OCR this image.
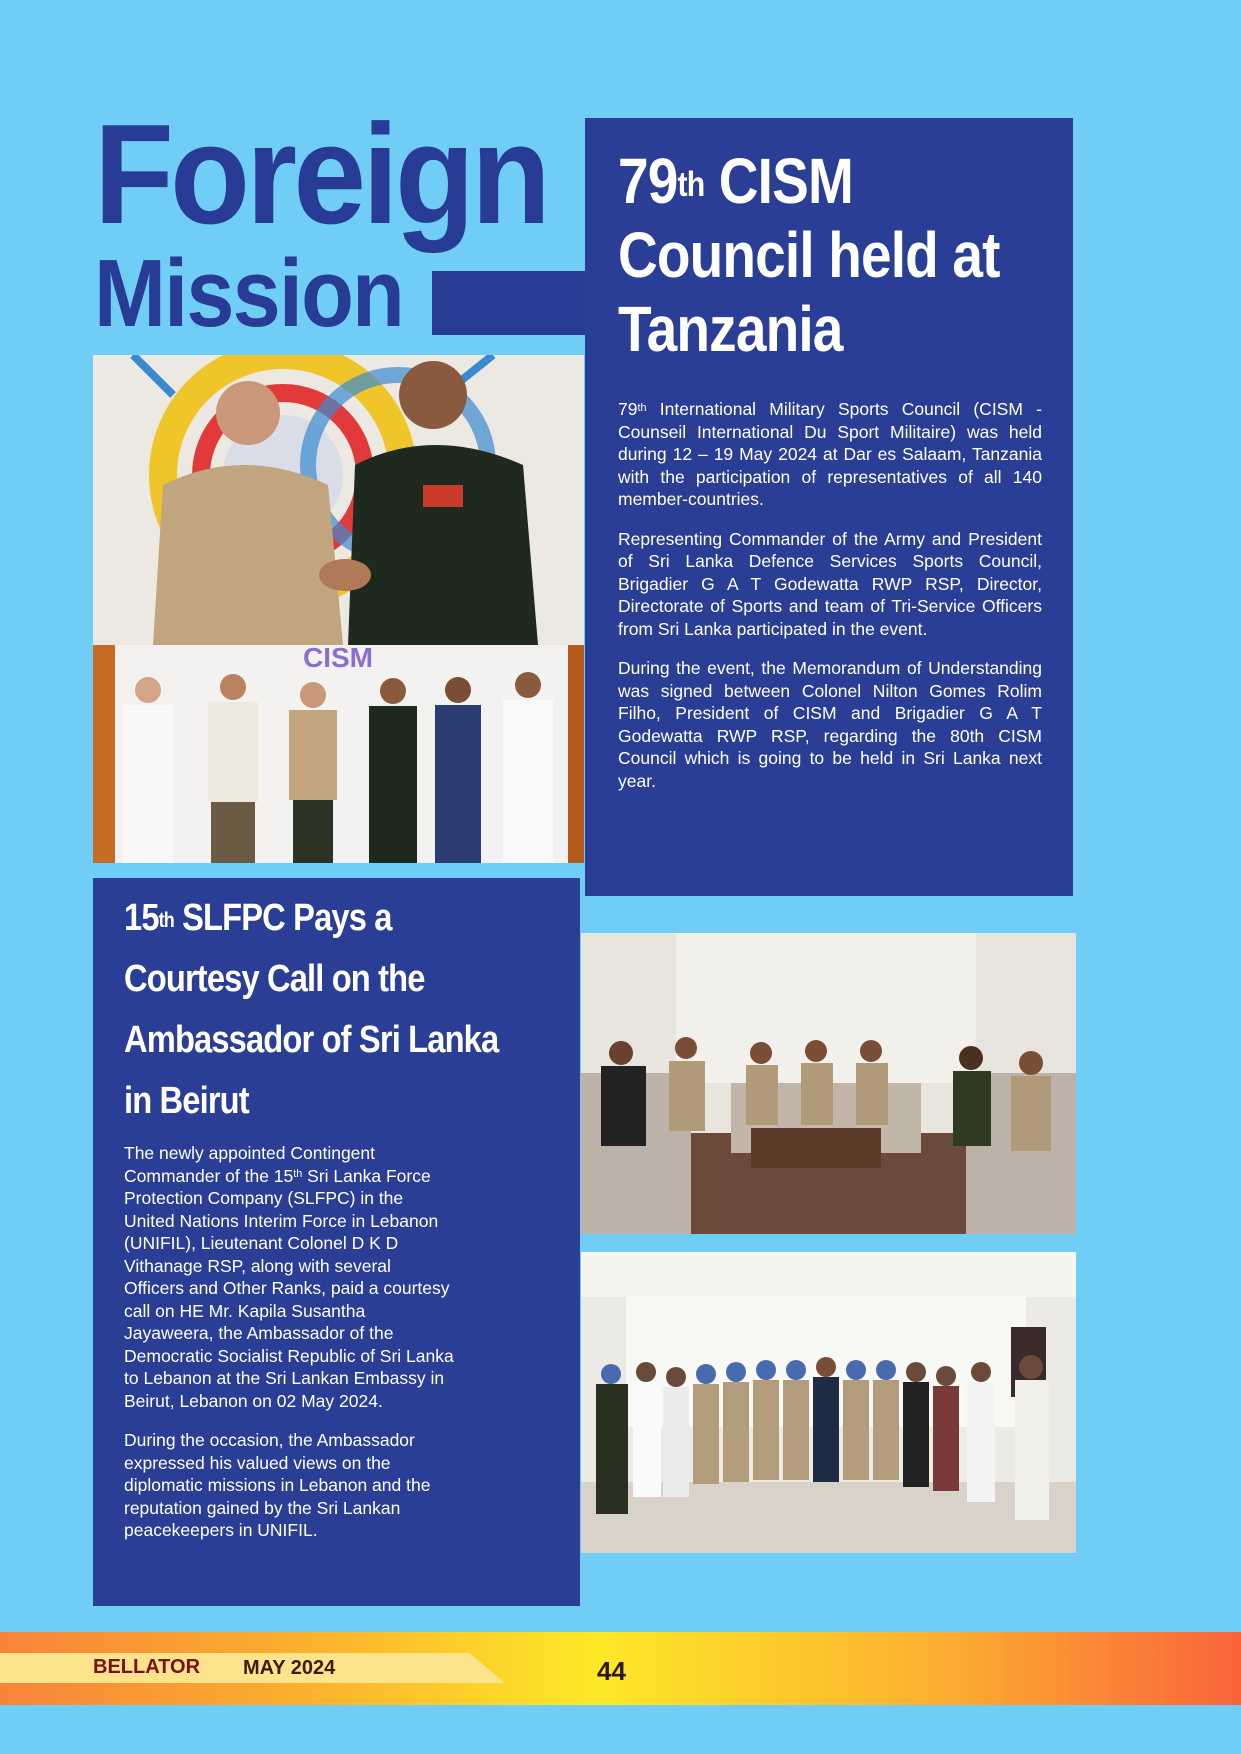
Foreign
Mission
79th CISM
Council held at
Tanzania

79th International Military Sports Council (CISM - Counseil International Du Sport Militaire) was held during 12 – 19 May 2024 at Dar es Salaam, Tanzania with the participation of representatives of all 140 member-countries.

Representing Commander of the Army and President of Sri Lanka Defence Services Sports Council, Brigadier G A T Godewatta RWP RSP, Director, Directorate of Sports and team of Tri-Service Officers from Sri Lanka participated in the event.

During the event, the Memorandum of Understanding was signed between Colonel Nilton Gomes Rolim Filho, President of CISM and Brigadier G A T Godewatta RWP RSP, regarding the 80th CISM Council which is going to be held in Sri Lanka next year.

CISM
15th SLFPC Pays a
Courtesy Call on the
Ambassador of Sri Lanka
in Beirut

The newly appointed Contingent Commander of the 15th Sri Lanka Force Protection Company (SLFPC) in the United Nations Interim Force in Lebanon (UNIFIL), Lieutenant Colonel D K D Vithanage RSP, along with several Officers and Other Ranks, paid a courtesy call on HE Mr. Kapila Susantha Jayaweera, the Ambassador of the Democratic Socialist Republic of Sri Lanka to Lebanon at the Sri Lankan Embassy in Beirut, Lebanon on 02 May 2024.

During the occasion, the Ambassador expressed his valued views on the diplomatic missions in Lebanon and the reputation gained by the Sri Lankan peacekeepers in UNIFIL.

BELLATOR MAY 2024	44
